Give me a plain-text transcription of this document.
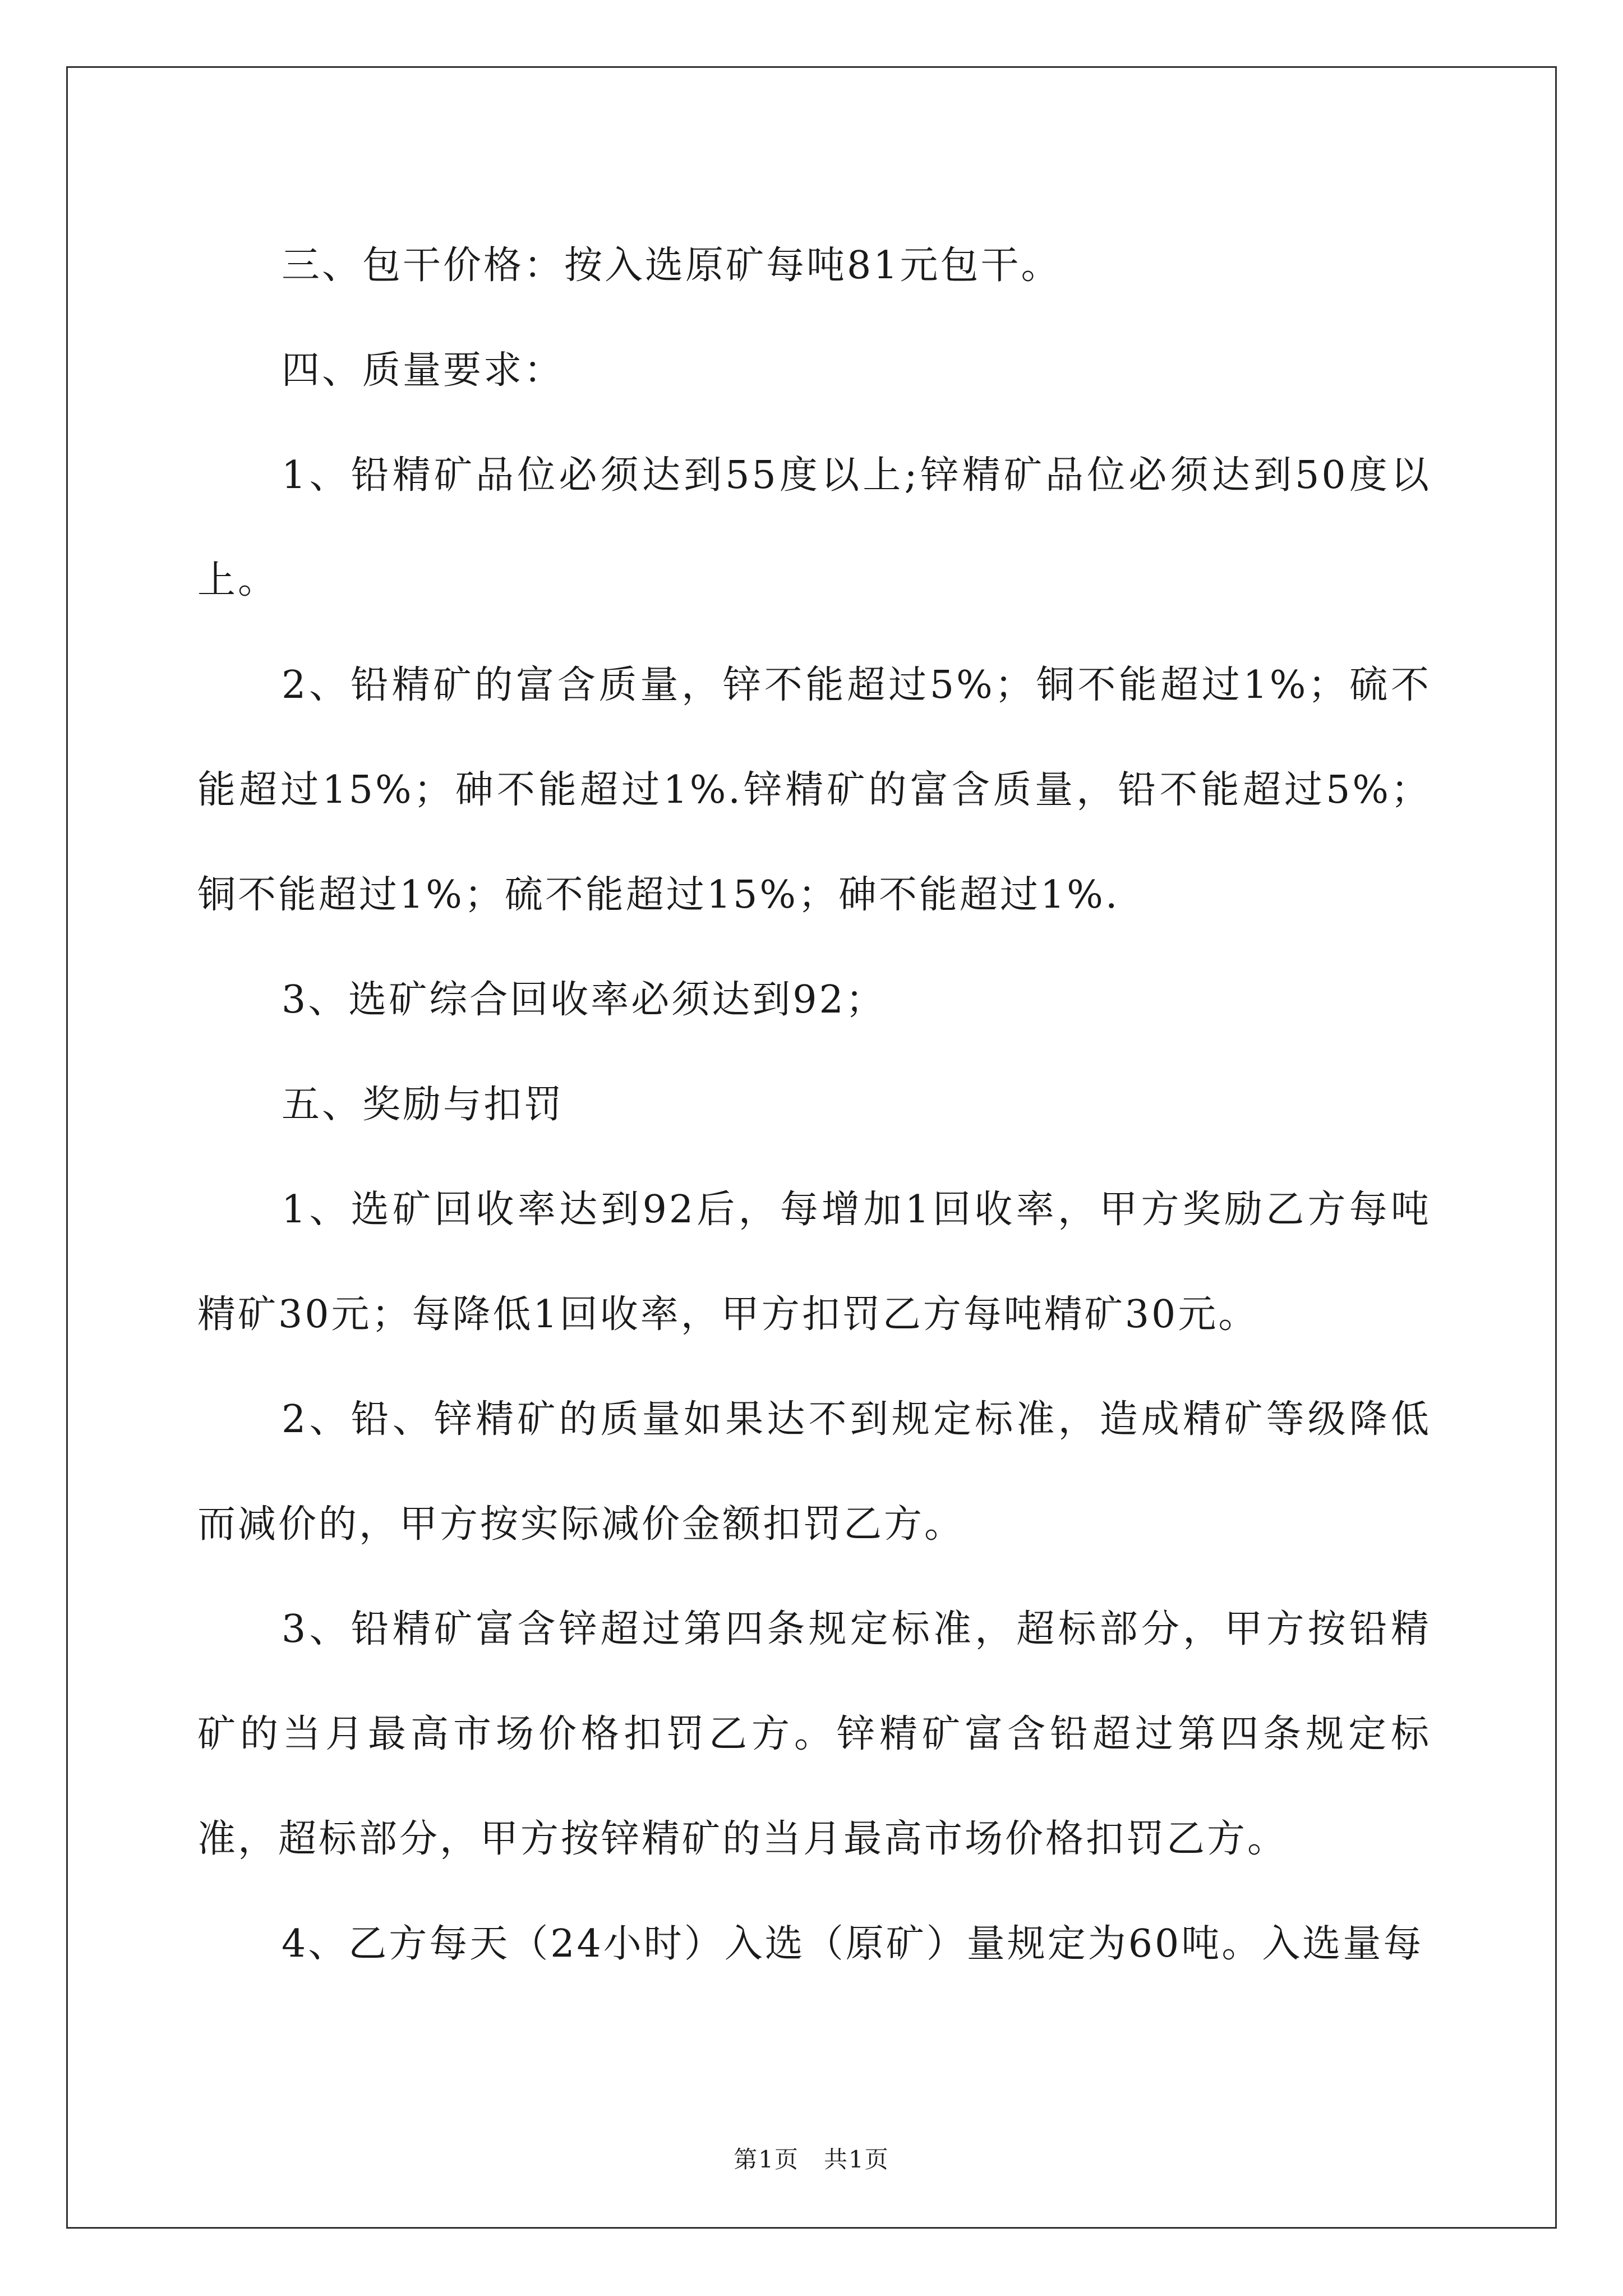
三、包干价格：按入选原矿每吨81元包干。

四、质量要求：

1、铅精矿品位必须达到55度以上;锌精矿品位必须达到50度以上。

2、铅精矿的富含质量，锌不能超过5%；铜不能超过1%；硫不能超过15%；砷不能超过1%.锌精矿的富含质量，铅不能超过5%；铜不能超过1%；硫不能超过15%；砷不能超过1%.

3、选矿综合回收率必须达到92；

五、奖励与扣罚

1、选矿回收率达到92后，每增加1回收率，甲方奖励乙方每吨精矿30元；每降低1回收率，甲方扣罚乙方每吨精矿30元。

2、铅、锌精矿的质量如果达不到规定标准，造成精矿等级降低而减价的，甲方按实际减价金额扣罚乙方。

3、铅精矿富含锌超过第四条规定标准，超标部分，甲方按铅精矿的当月最高市场价格扣罚乙方。锌精矿富含铅超过第四条规定标准，超标部分，甲方按锌精矿的当月最高市场价格扣罚乙方。

4、乙方每天（24小时）入选（原矿）量规定为60吨。入选量每

第1页　共1页
